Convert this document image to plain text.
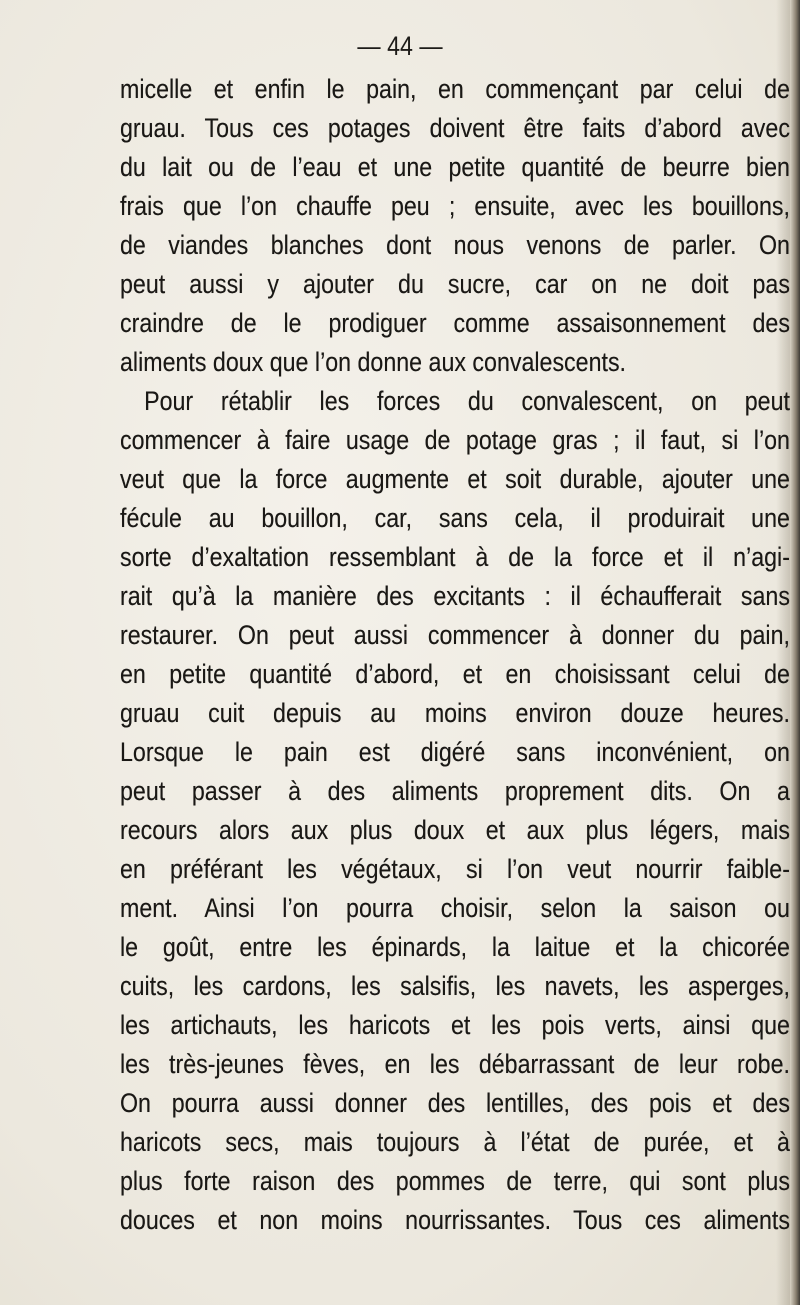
— 44 —
micelle et enfin le pain, en commençant par celui de
gruau. Tous ces potages doivent être faits d’abord avec
du lait ou de l’eau et une petite quantité de beurre bien
frais que l’on chauffe peu ; ensuite, avec les bouillons,
de viandes blanches dont nous venons de parler. On
peut aussi y ajouter du sucre, car on ne doit pas
craindre de le prodiguer comme assaisonnement des
aliments doux que l’on donne aux convalescents.
Pour rétablir les forces du convalescent, on peut
commencer à faire usage de potage gras ; il faut, si l’on
veut que la force augmente et soit durable, ajouter une
fécule au bouillon, car, sans cela, il produirait une
sorte d’exaltation ressemblant à de la force et il n’agi-
rait qu’à la manière des excitants : il échaufferait sans
restaurer. On peut aussi commencer à donner du pain,
en petite quantité d’abord, et en choisissant celui de
gruau cuit depuis au moins environ douze heures.
Lorsque le pain est digéré sans inconvénient, on
peut passer à des aliments proprement dits. On a
recours alors aux plus doux et aux plus légers, mais
en préférant les végétaux, si l’on veut nourrir faible-
ment. Ainsi l’on pourra choisir, selon la saison ou
le goût, entre les épinards, la laitue et la chicorée
cuits, les cardons, les salsifis, les navets, les asperges,
les artichauts, les haricots et les pois verts, ainsi que
les très-jeunes fèves, en les débarrassant de leur robe.
On pourra aussi donner des lentilles, des pois et des
haricots secs, mais toujours à l’état de purée, et à
plus forte raison des pommes de terre, qui sont plus
douces et non moins nourrissantes. Tous ces aliments
